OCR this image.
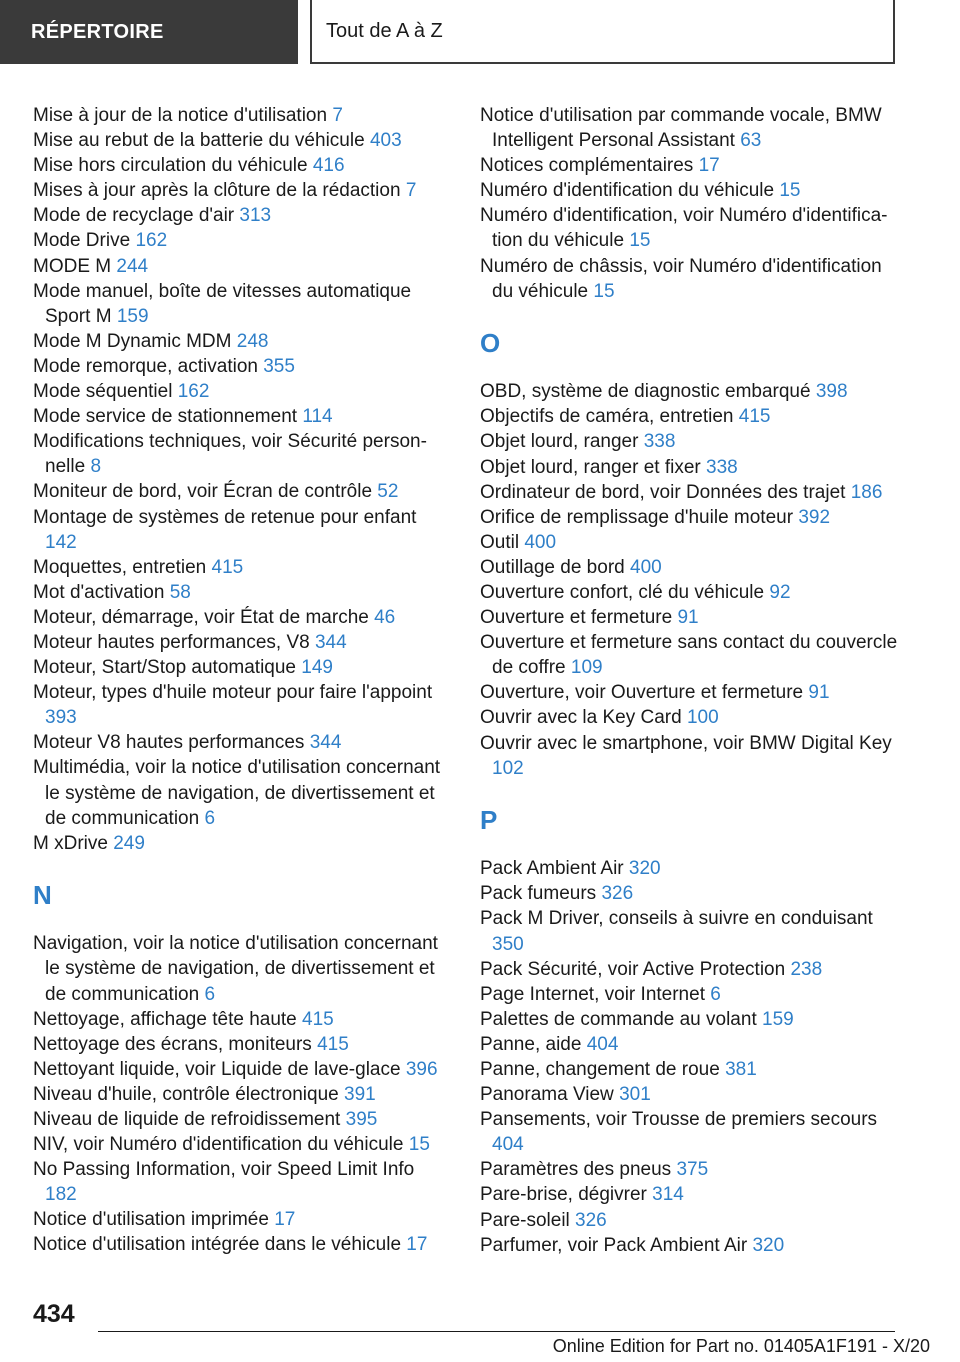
RÉPERTOIRE	Tout de A à Z
Mise à jour de la notice d'utilisation 7
Mise au rebut de la batterie du véhicule 403
Mise hors circulation du véhicule 416
Mises à jour après la clôture de la rédaction 7
Mode de recyclage d'air 313
Mode Drive 162
MODE M 244
Mode manuel, boîte de vitesses automatique Sport M 159
Mode M Dynamic MDM 248
Mode remorque, activation 355
Mode séquentiel 162
Mode service de stationnement 114
Modifications techniques, voir Sécurité personnelle 8
Moniteur de bord, voir Écran de contrôle 52
Montage de systèmes de retenue pour enfant 142
Moquettes, entretien 415
Mot d'activation 58
Moteur, démarrage, voir État de marche 46
Moteur hautes performances, V8 344
Moteur, Start/Stop automatique 149
Moteur, types d'huile moteur pour faire l'appoint 393
Moteur V8 hautes performances 344
Multimédia, voir la notice d'utilisation concernant le système de navigation, de divertissement et de communication 6
M xDrive 249
N
Navigation, voir la notice d'utilisation concernant le système de navigation, de divertissement et de communication 6
Nettoyage, affichage tête haute 415
Nettoyage des écrans, moniteurs 415
Nettoyant liquide, voir Liquide de lave-glace 396
Niveau d'huile, contrôle électronique 391
Niveau de liquide de refroidissement 395
NIV, voir Numéro d'identification du véhicule 15
No Passing Information, voir Speed Limit Info 182
Notice d'utilisation imprimée 17
Notice d'utilisation intégrée dans le véhicule 17
Notice d'utilisation par commande vocale, BMW Intelligent Personal Assistant 63
Notices complémentaires 17
Numéro d'identification du véhicule 15
Numéro d'identification, voir Numéro d'identification du véhicule 15
Numéro de châssis, voir Numéro d'identification du véhicule 15
O
OBD, système de diagnostic embarqué 398
Objectifs de caméra, entretien 415
Objet lourd, ranger 338
Objet lourd, ranger et fixer 338
Ordinateur de bord, voir Données des trajet 186
Orifice de remplissage d'huile moteur 392
Outil 400
Outillage de bord 400
Ouverture confort, clé du véhicule 92
Ouverture et fermeture 91
Ouverture et fermeture sans contact du couvercle de coffre 109
Ouverture, voir Ouverture et fermeture 91
Ouvrir avec la Key Card 100
Ouvrir avec le smartphone, voir BMW Digital Key 102
P
Pack Ambient Air 320
Pack fumeurs 326
Pack M Driver, conseils à suivre en conduisant 350
Pack Sécurité, voir Active Protection 238
Page Internet, voir Internet 6
Palettes de commande au volant 159
Panne, aide 404
Panne, changement de roue 381
Panorama View 301
Pansements, voir Trousse de premiers secours 404
Paramètres des pneus 375
Pare-brise, dégivrer 314
Pare-soleil 326
Parfumer, voir Pack Ambient Air 320
434
Online Edition for Part no. 01405A1F191 - X/20
